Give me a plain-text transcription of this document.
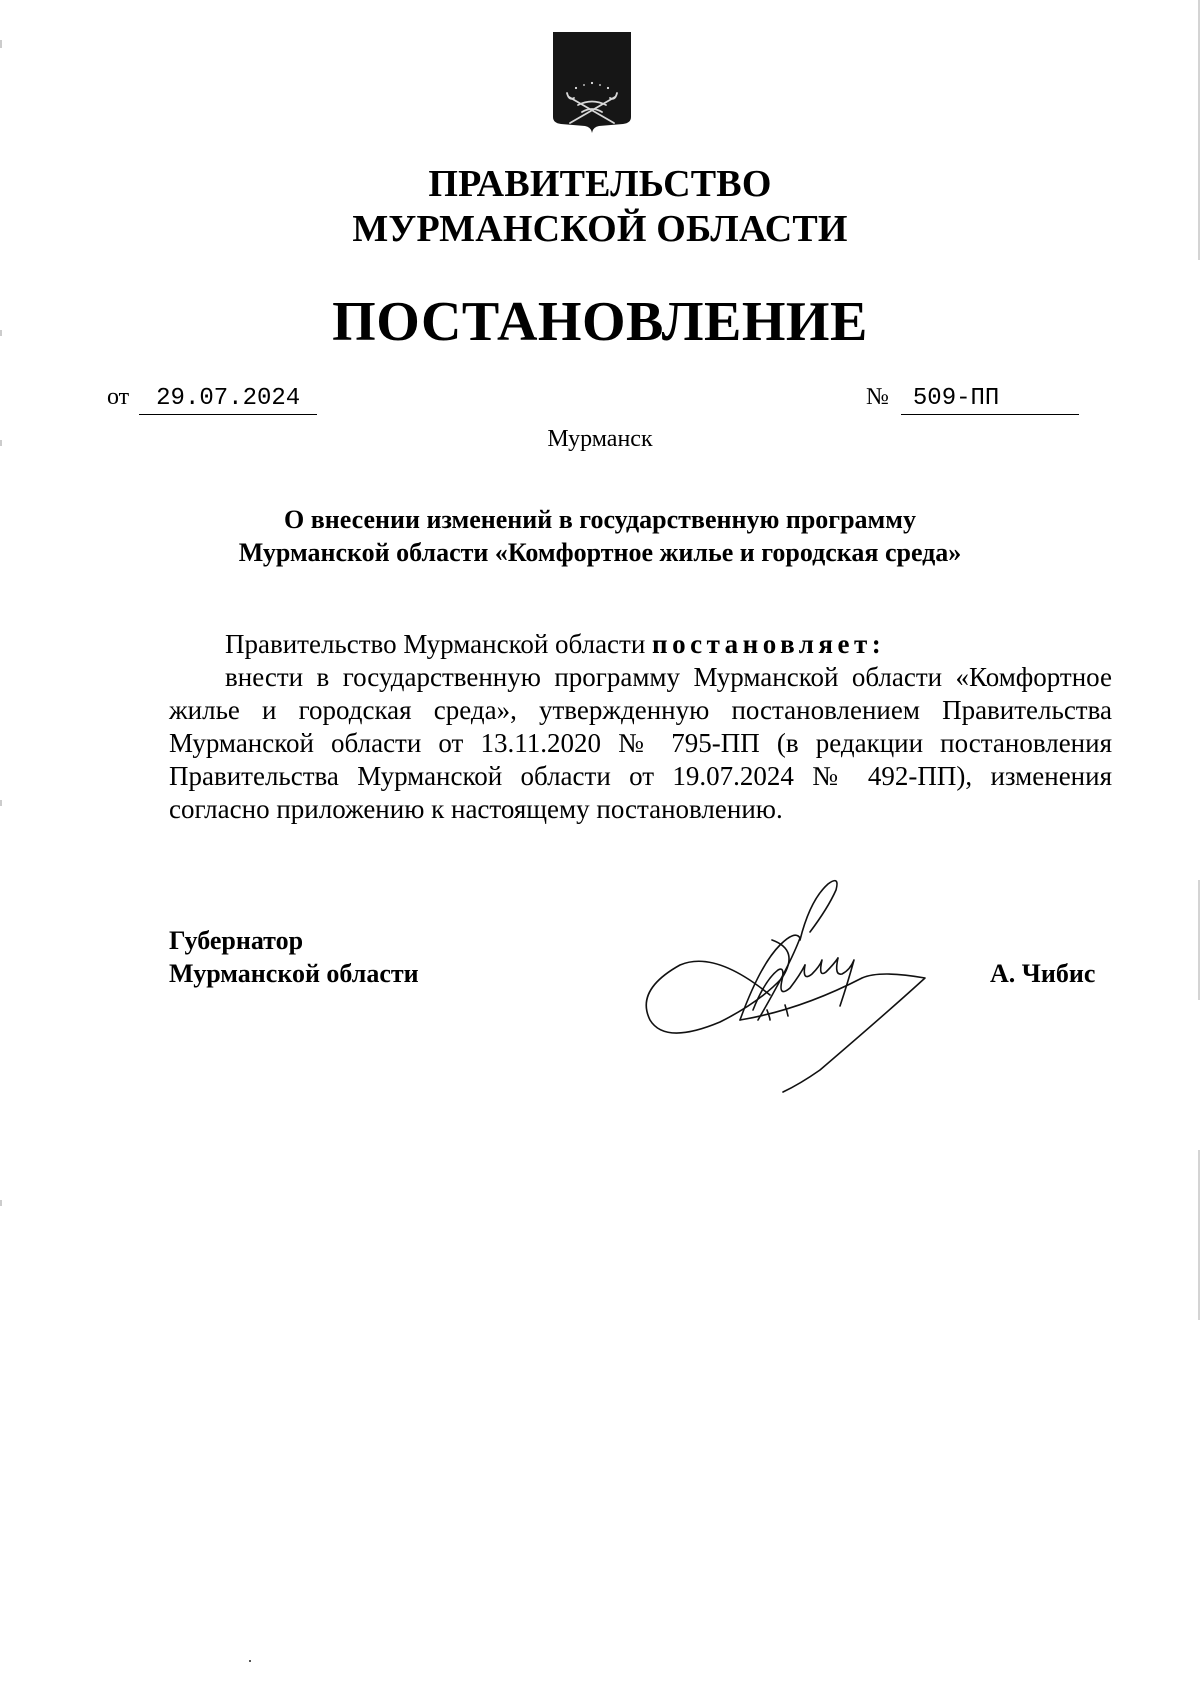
ПРАВИТЕЛЬСТВО
МУРМАНСКОЙ ОБЛАСТИ
ПОСТАНОВЛЕНИЕ
от 29.07.2024	№ 509-ПП
Мурманск
О внесении изменений в государственную программу
Мурманской области «Комфортное жилье и городская среда»
Правительство Мурманской области постановляет:
внести в государственную программу Мурманской области «Комфортное жилье и городская среда», утвержденную постановлением Правительства Мурманской области от 13.11.2020 № 795-ПП (в редакции постановления Правительства Мурманской области от 19.07.2024 № 492-ПП), изменения согласно приложению к настоящему постановлению.
Губернатор
Мурманской области	А. Чибис
